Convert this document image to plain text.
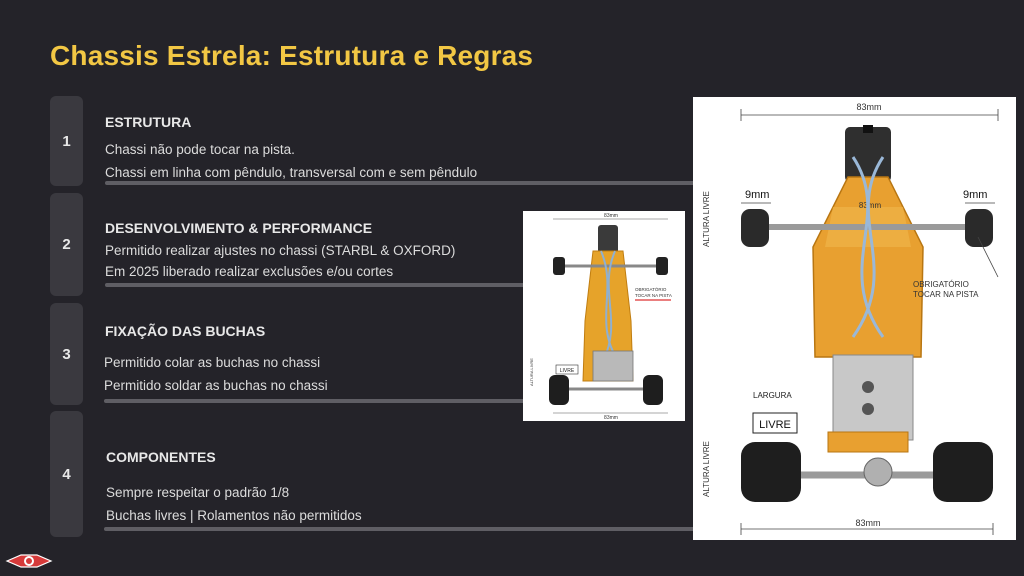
Chassis Estrela: Estrutura e Regras
1
ESTRUTURA
Chassi não pode tocar na pista.
Chassi em linha com pêndulo, transversal com e sem pêndulo
2
DESENVOLVIMENTO & PERFORMANCE
Permitido realizar ajustes no chassi (STARBL & OXFORD)
Em 2025 liberado realizar exclusões e/ou cortes
3
FIXAÇÃO DAS BUCHAS
Permitido colar as buchas no chassi
Permitido soldar as buchas no chassi
4
COMPONENTES
Sempre respeitar o padrão 1/8
Buchas livres | Rolamentos não permitidos
83mm
OBRIGATÓRIO
TOCAR NA PISTA
LIVRE
ALTURA LIVRE
83mm
83mm
83mm
9mm	9mm
ALTURA LIVRE
OBRIGATÓRIO
TOCAR NA PISTA
LARGURA
LIVRE
ALTURA LIVRE
83mm
